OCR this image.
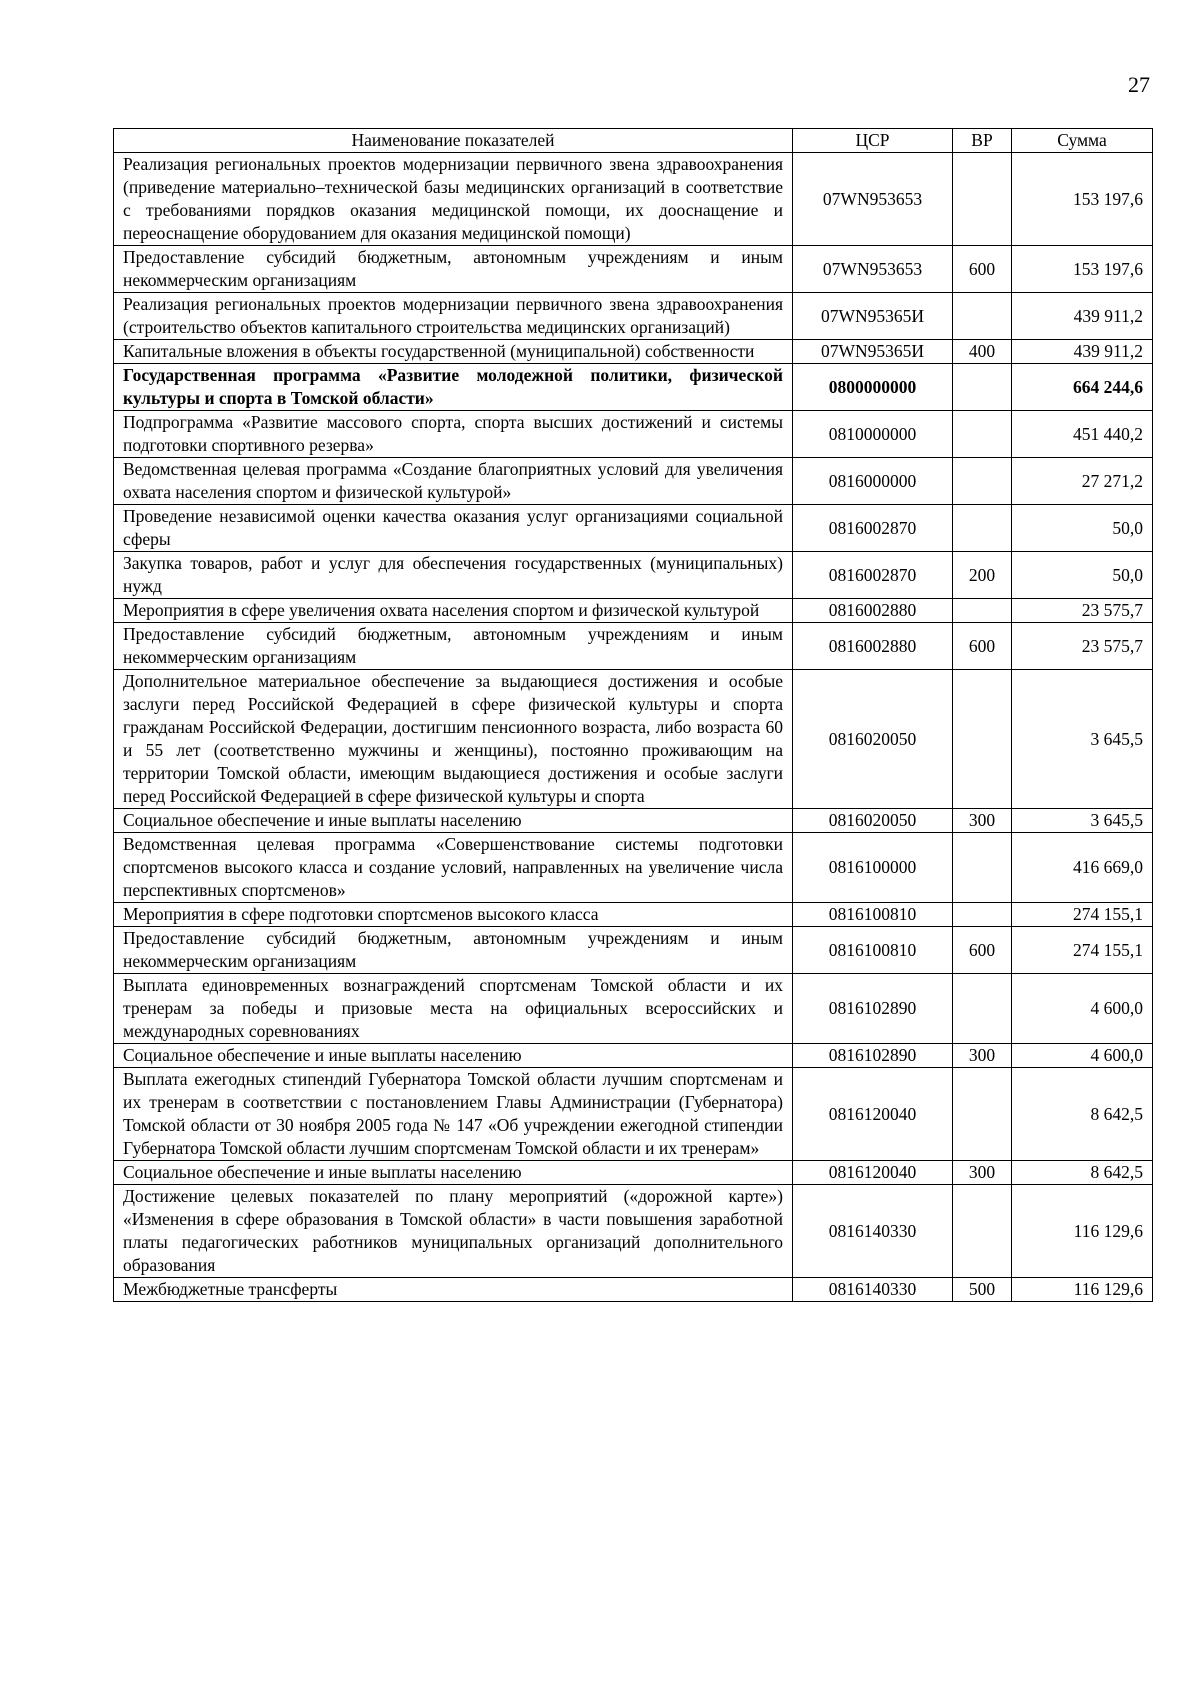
27
Наименование показателей	ЦСР	ВР	Сумма
Реализация региональных проектов модернизации первичного звена здравоохранения (приведение материально–технической базы медицинских организаций в соответствие с требованиями порядков оказания медицинской помощи, их дооснащение и переоснащение оборудованием для оказания медицинской помощи)	07WN953653		153 197,6
Предоставление субсидий бюджетным, автономным учреждениям и иным некоммерческим организациям	07WN953653	600	153 197,6
Реализация региональных проектов модернизации первичного звена здравоохранения (строительство объектов капитального строительства медицинских организаций)	07WN95365И		439 911,2
Капитальные вложения в объекты государственной (муниципальной) собственности	07WN95365И	400	439 911,2
Государственная программа «Развитие молодежной политики, физической культуры и спорта в Томской области»	0800000000		664 244,6
Подпрограмма «Развитие массового спорта, спорта высших достижений и системы подготовки спортивного резерва»	0810000000		451 440,2
Ведомственная целевая программа «Создание благоприятных условий для увеличения охвата населения спортом и физической культурой»	0816000000		27 271,2
Проведение независимой оценки качества оказания услуг организациями социальной сферы	0816002870		50,0
Закупка товаров, работ и услуг для обеспечения государственных (муниципальных) нужд	0816002870	200	50,0
Мероприятия в сфере увеличения охвата населения спортом и физической культурой	0816002880		23 575,7
Предоставление субсидий бюджетным, автономным учреждениям и иным некоммерческим организациям	0816002880	600	23 575,7
Дополнительное материальное обеспечение за выдающиеся достижения и особые заслуги перед Российской Федерацией в сфере физической культуры и спорта гражданам Российской Федерации, достигшим пенсионного возраста, либо возраста 60 и 55 лет (соответственно мужчины и женщины), постоянно проживающим на территории Томской области, имеющим выдающиеся достижения и особые заслуги перед Российской Федерацией в сфере физической культуры и спорта	0816020050		3 645,5
Социальное обеспечение и иные выплаты населению	0816020050	300	3 645,5
Ведомственная целевая программа «Совершенствование системы подготовки спортсменов высокого класса и создание условий, направленных на увеличение числа перспективных спортсменов»	0816100000		416 669,0
Мероприятия в сфере подготовки спортсменов высокого класса	0816100810		274 155,1
Предоставление субсидий бюджетным, автономным учреждениям и иным некоммерческим организациям	0816100810	600	274 155,1
Выплата единовременных вознаграждений спортсменам Томской области и их тренерам за победы и призовые места на официальных всероссийских и международных соревнованиях	0816102890		4 600,0
Социальное обеспечение и иные выплаты населению	0816102890	300	4 600,0
Выплата ежегодных стипендий Губернатора Томской области лучшим спортсменам и их тренерам в соответствии с постановлением Главы Администрации (Губернатора) Томской области от 30 ноября 2005 года № 147 «Об учреждении ежегодной стипендии Губернатора Томской области лучшим спортсменам Томской области и их тренерам»	0816120040		8 642,5
Социальное обеспечение и иные выплаты населению	0816120040	300	8 642,5
Достижение целевых показателей по плану мероприятий («дорожной карте») «Изменения в сфере образования в Томской области» в части повышения заработной платы педагогических работников муниципальных организаций дополнительного образования	0816140330		116 129,6
Межбюджетные трансферты	0816140330	500	116 129,6
